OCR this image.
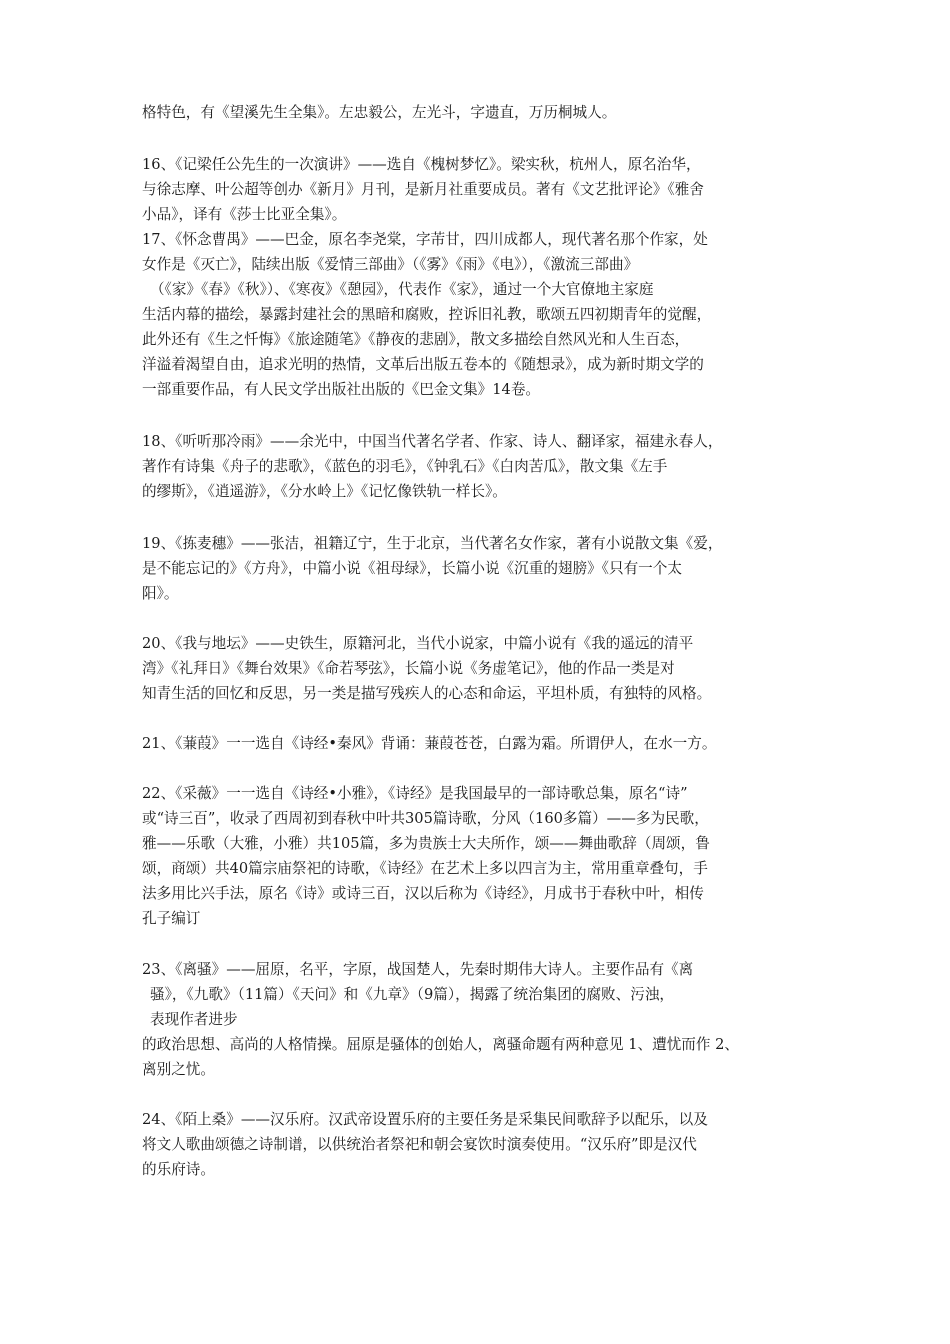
格特色，有《望溪先生全集》。左忠毅公，左光斗，字遗直，万历桐城人。
16、《记梁任公先生的一次演讲》——选自《槐树梦忆》。梁实秋，杭州人，原名治华，
与徐志摩、叶公超等创办《新月》月刊，是新月社重要成员。著有《文艺批评论》《雅舍
小品》，译有《莎士比亚全集》。
17、《怀念曹禺》——巴金，原名李尧棠，字芾甘，四川成都人，现代著名那个作家，处
女作是《灭亡》，陆续出版《爱情三部曲》（《雾》《雨》《电》），《激流三部曲》
（《家》《春》《秋》）、《寒夜》《憩园》，代表作《家》，通过一个大官僚地主家庭
生活内幕的描绘，暴露封建社会的黑暗和腐败，控诉旧礼教，歌颂五四初期青年的觉醒，
此外还有《生之忏悔》《旅途随笔》《静夜的悲剧》，散文多描绘自然风光和人生百态，
洋溢着渴望自由，追求光明的热情，文革后出版五卷本的《随想录》，成为新时期文学的
一部重要作品，有人民文学出版社出版的《巴金文集》14卷。
18、《听听那冷雨》——余光中，中国当代著名学者、作家、诗人、翻译家，福建永春人，
著作有诗集《舟子的悲歌》，《蓝色的羽毛》，《钟乳石》《白肉苦瓜》，散文集《左手
的缪斯》，《逍遥游》，《分水岭上》《记忆像铁轨一样长》。
19、《拣麦穗》——张洁，祖籍辽宁，生于北京，当代著名女作家，著有小说散文集《爱，
是不能忘记的》《方舟》，中篇小说《祖母绿》，长篇小说《沉重的翅膀》《只有一个太
阳》。
20、《我与地坛》——史铁生，原籍河北，当代小说家，中篇小说有《我的遥远的清平
湾》《礼拜日》《舞台效果》《命若琴弦》，长篇小说《务虚笔记》，他的作品一类是对
知青生活的回忆和反思，另一类是描写残疾人的心态和命运，平坦朴质，有独特的风格。
21、《蒹葭》一一选自《诗经•秦风》背诵：蒹葭苍苍，白露为霜。所谓伊人，在水一方。
22、《采薇》一一选自《诗经•小雅》，《诗经》是我国最早的一部诗歌总集，原名“诗”
或“诗三百”，收录了西周初到春秋中叶共305篇诗歌，分风（160多篇）——多为民歌，
雅——乐歌（大雅，小雅）共105篇，多为贵族士大夫所作，颂——舞曲歌辞（周颂，鲁
颂，商颂）共40篇宗庙祭祀的诗歌，《诗经》在艺术上多以四言为主，常用重章叠句，手
法多用比兴手法，原名《诗》或诗三百，汉以后称为《诗经》，月成书于春秋中叶，相传
孔子编订
23、《离骚》——屈原，名平，字原，战国楚人，先秦时期伟大诗人。主要作品有《离
骚》，《九歌》（11篇）《天问》和《九章》（9篇），揭露了统治集团的腐败、污浊，
表现作者进步
的政治思想、高尚的人格情操。屈原是骚体的创始人，离骚命题有两种意见 1、遭忧而作 2、
离别之忧。
24、《陌上桑》——汉乐府。汉武帝设置乐府的主要任务是采集民间歌辞予以配乐，以及
将文人歌曲颂德之诗制谱，以供统治者祭祀和朝会宴饮时演奏使用。“汉乐府”即是汉代
的乐府诗。
